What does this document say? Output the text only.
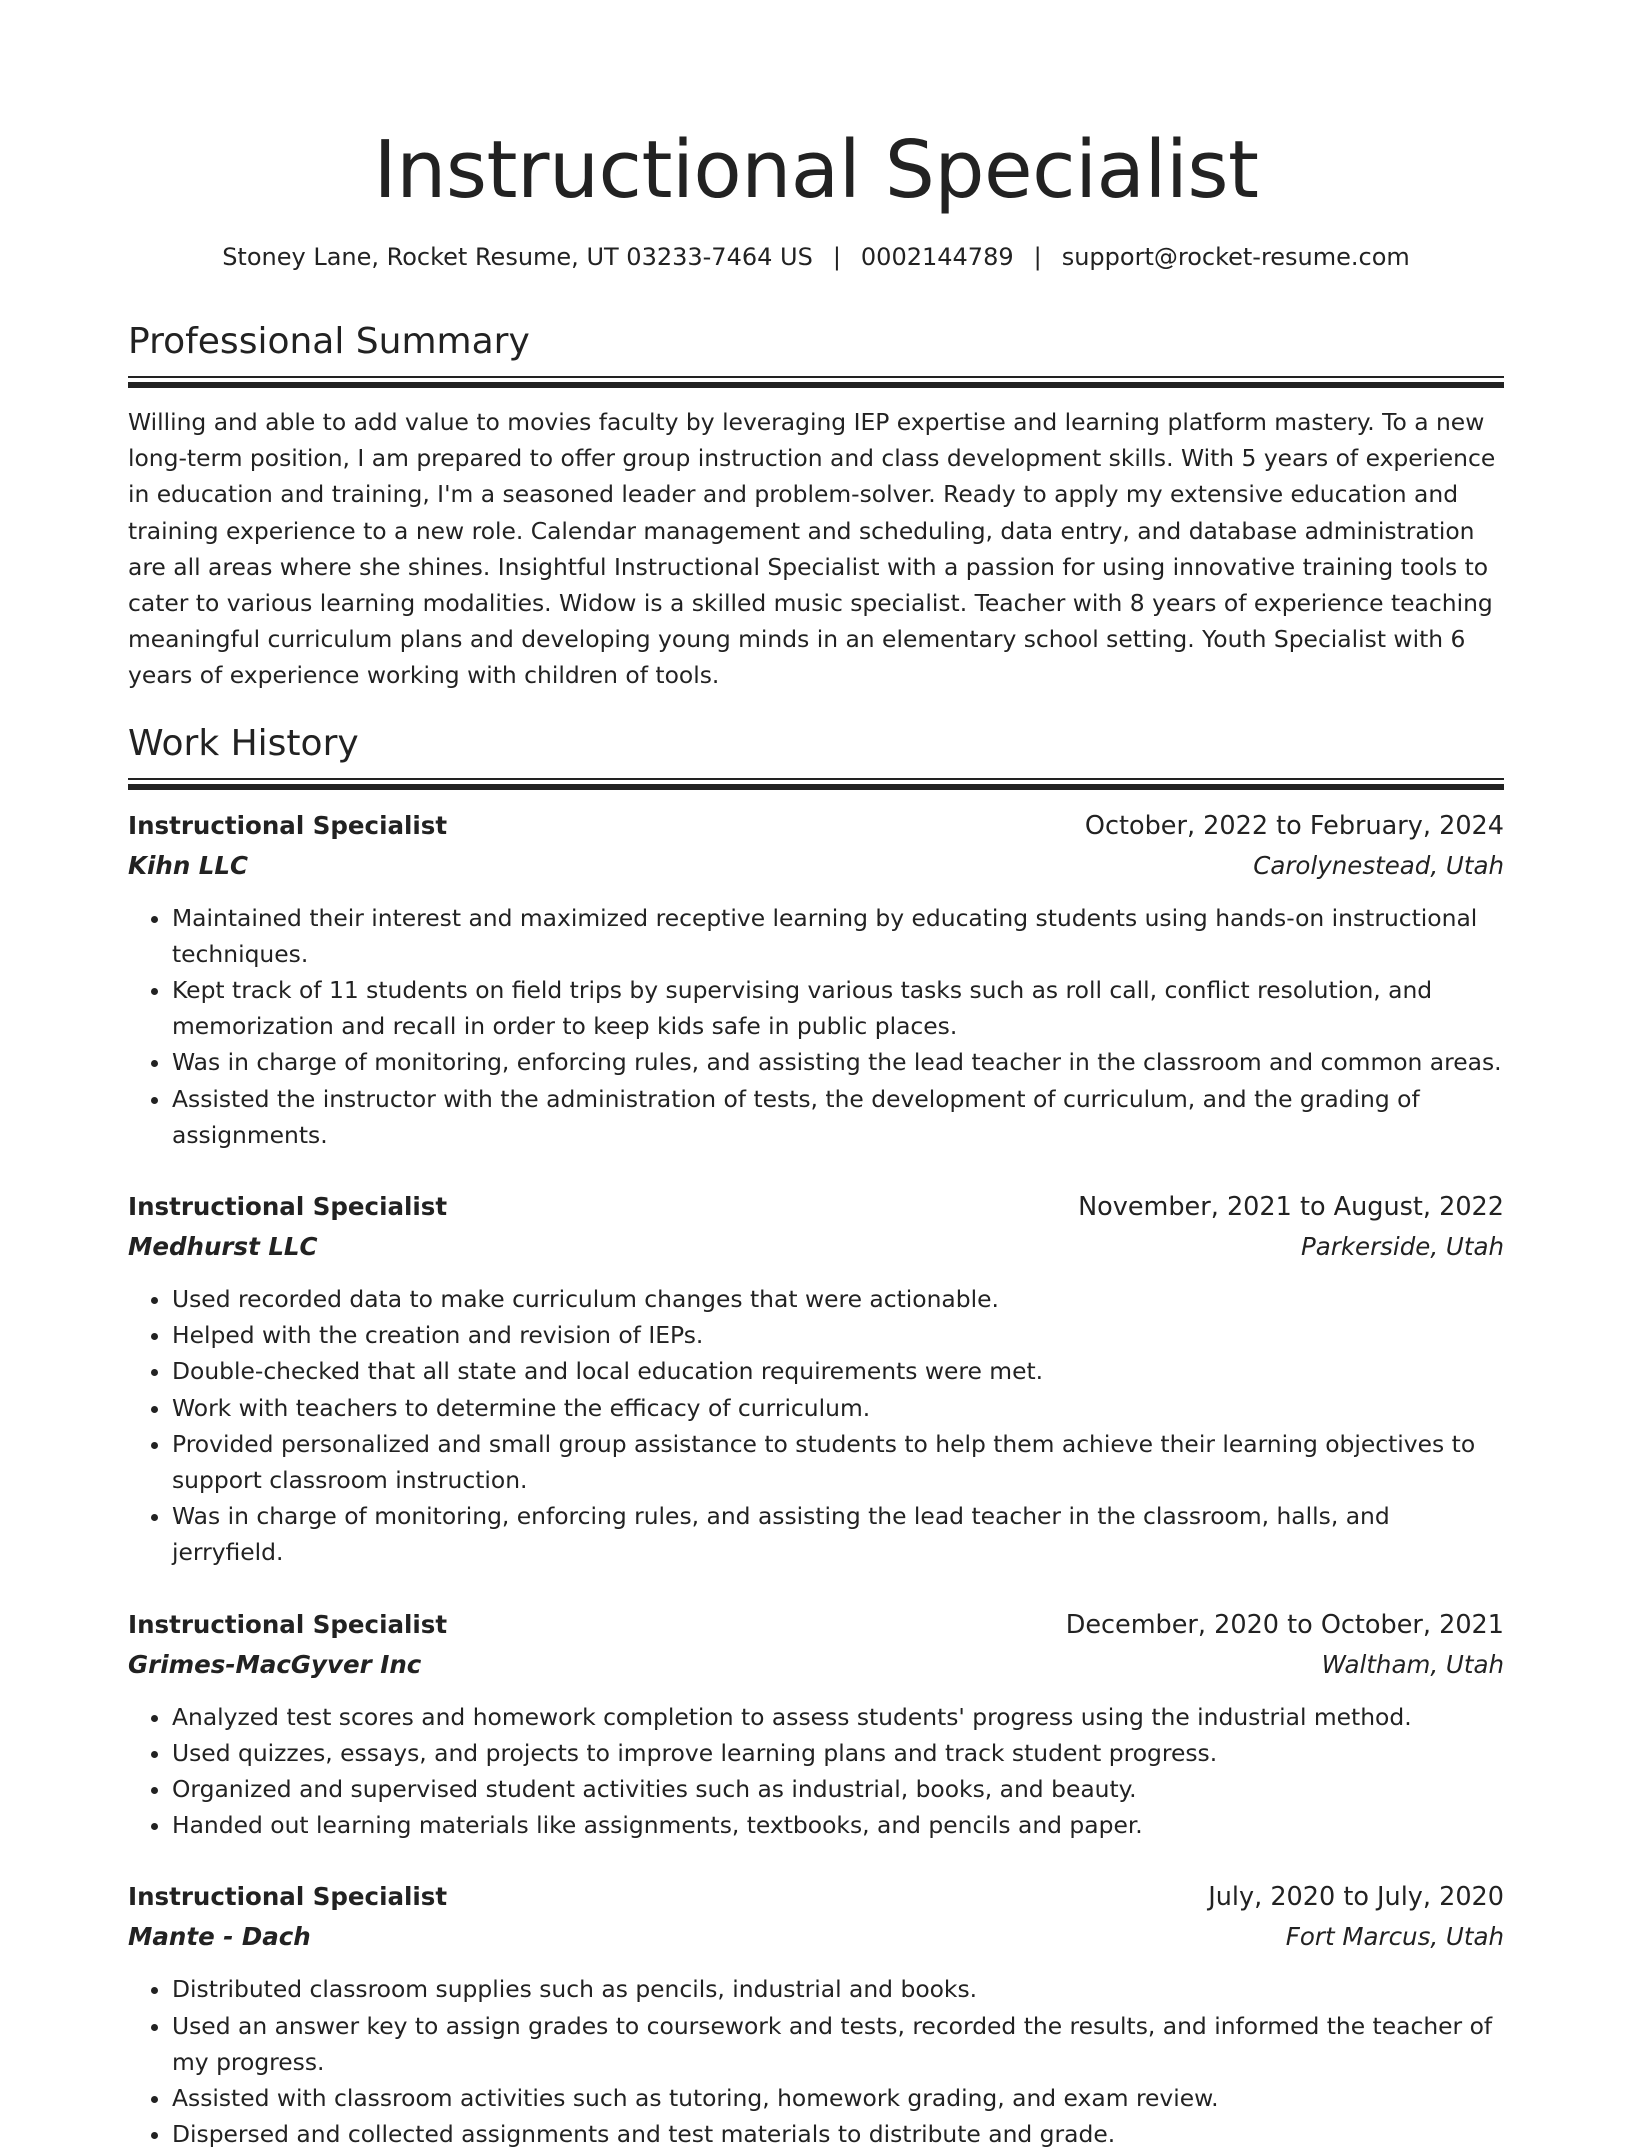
Instructional Specialist
Stoney Lane, Rocket Resume, UT 03233-7464 US | 0002144789 | support@rocket-resume.com
Professional Summary
Willing and able to add value to movies faculty by leveraging IEP expertise and learning platform mastery. To a new long-term position, I am prepared to offer group instruction and class development skills. With 5 years of experience in education and training, I'm a seasoned leader and problem-solver. Ready to apply my extensive education and training experience to a new role. Calendar management and scheduling, data entry, and database administration are all areas where she shines. Insightful Instructional Specialist with a passion for using innovative training tools to cater to various learning modalities. Widow is a skilled music specialist. Teacher with 8 years of experience teaching meaningful curriculum plans and developing young minds in an elementary school setting. Youth Specialist with 6 years of experience working with children of tools.
Work History
Instructional Specialist	October, 2022 to February, 2024
Kihn LLC	Carolynestead, Utah
• Maintained their interest and maximized receptive learning by educating students using hands-on instructional techniques.
• Kept track of 11 students on field trips by supervising various tasks such as roll call, conflict resolution, and memorization and recall in order to keep kids safe in public places.
• Was in charge of monitoring, enforcing rules, and assisting the lead teacher in the classroom and common areas.
• Assisted the instructor with the administration of tests, the development of curriculum, and the grading of assignments.
Instructional Specialist	November, 2021 to August, 2022
Medhurst LLC	Parkerside, Utah
• Used recorded data to make curriculum changes that were actionable.
• Helped with the creation and revision of IEPs.
• Double-checked that all state and local education requirements were met.
• Work with teachers to determine the efficacy of curriculum.
• Provided personalized and small group assistance to students to help them achieve their learning objectives to support classroom instruction.
• Was in charge of monitoring, enforcing rules, and assisting the lead teacher in the classroom, halls, and jerryfield.
Instructional Specialist	December, 2020 to October, 2021
Grimes-MacGyver Inc	Waltham, Utah
• Analyzed test scores and homework completion to assess students' progress using the industrial method.
• Used quizzes, essays, and projects to improve learning plans and track student progress.
• Organized and supervised student activities such as industrial, books, and beauty.
• Handed out learning materials like assignments, textbooks, and pencils and paper.
Instructional Specialist	July, 2020 to July, 2020
Mante - Dach	Fort Marcus, Utah
• Distributed classroom supplies such as pencils, industrial and books.
• Used an answer key to assign grades to coursework and tests, recorded the results, and informed the teacher of my progress.
• Assisted with classroom activities such as tutoring, homework grading, and exam review.
• Dispersed and collected assignments and test materials to distribute and grade.
